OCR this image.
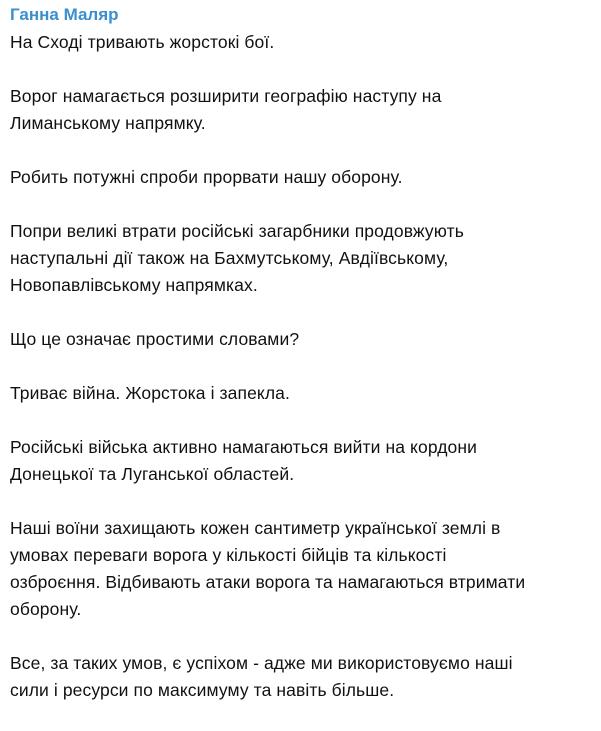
Ганна Маляр
На Сході тривають жорстокі бої.
Ворог намагається розширити географію наступу на
Лиманському напрямку.
Робить потужні спроби прорвати нашу оборону.
Попри великі втрати російські загарбники продовжують
наступальні дії також на Бахмутському, Авдіївському,
Новопавлівському напрямках.
Що це означає простими словами?
Триває війна. Жорстока і запекла.
Російські війська активно намагаються вийти на кордони
Донецької та Луганської областей.
Наші воїни захищають кожен сантиметр української землі в
умовах переваги ворога у кількості бійців та кількості
озброєння. Відбивають атаки ворога та намагаються втримати
оборону.
Все, за таких умов, є успіхом - адже ми використовуємо наші
сили і ресурси по максимуму та навіть більше.
